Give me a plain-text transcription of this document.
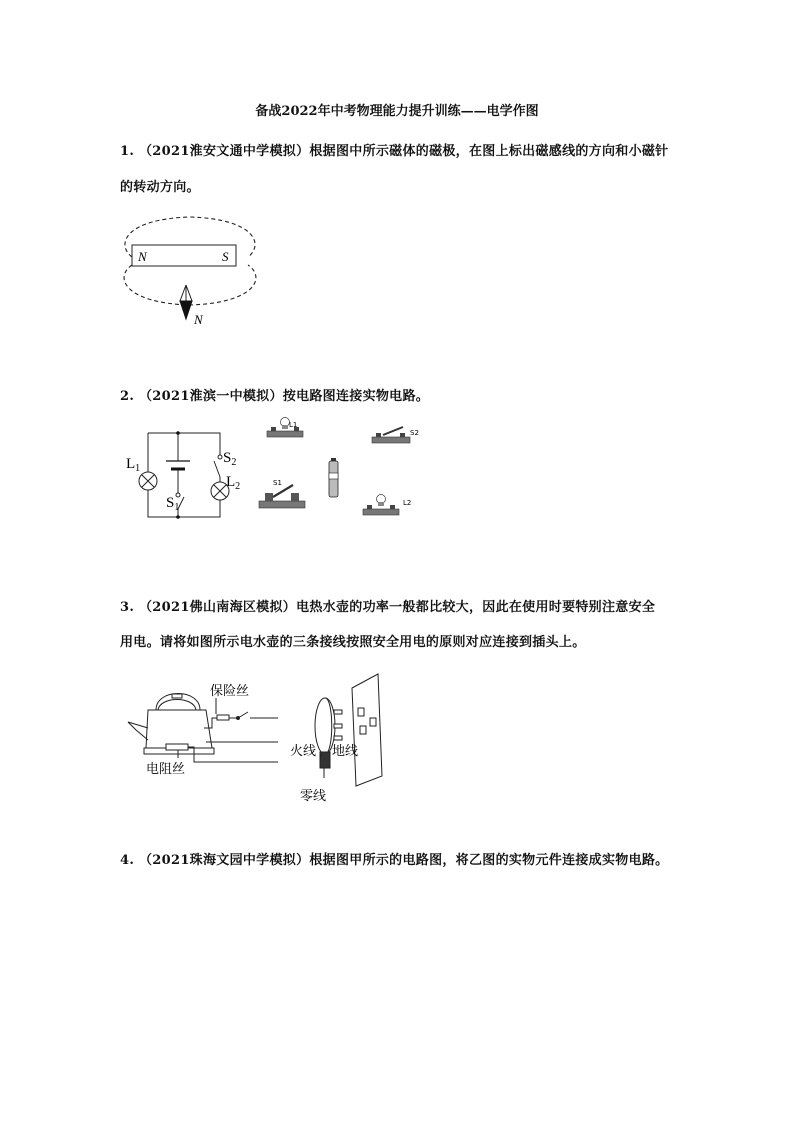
备战2022年中考物理能力提升训练——电学作图
1. （2021淮安文通中学模拟）根据图中所示磁体的磁极，在图上标出磁感线的方向和小磁针
的转动方向。
N	S
N
2. （2021淮滨一中模拟）按电路图连接实物电路。
$L_1$
$L_2$
$S_2$
$S_1$
L1
S2
S1
L2
3. （2021佛山南海区模拟）电热水壶的功率一般都比较大，因此在使用时要特别注意安全
用电。请将如图所示电水壶的三条接线按照安全用电的原则对应连接到插头上。
保险丝
电阻丝
火线 地线
零线
4. （2021珠海文园中学模拟）根据图甲所示的电路图，将乙图的实物元件连接成实物电路。
